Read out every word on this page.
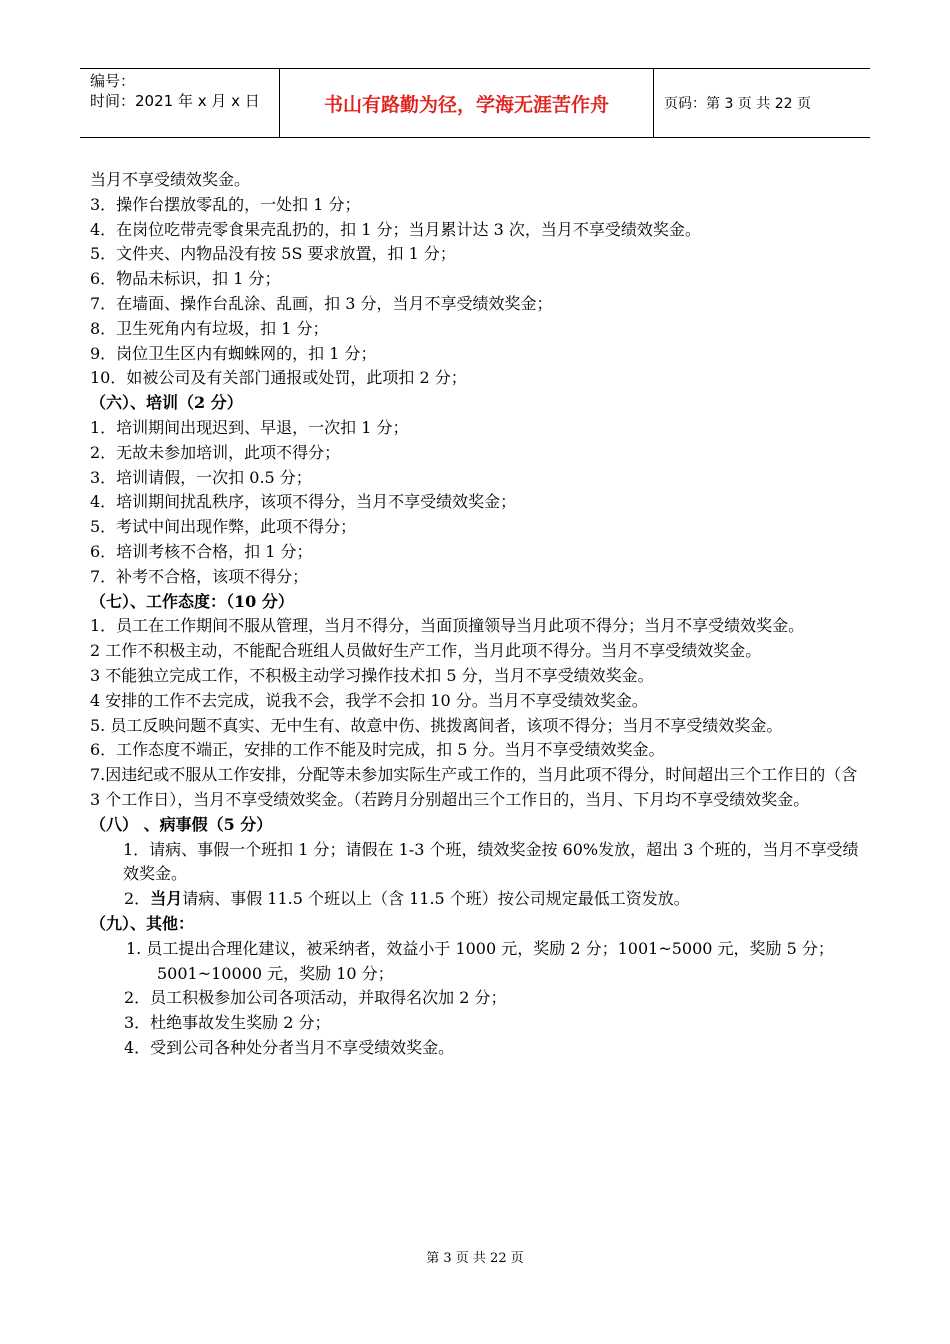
编号：
时间：2021 年 x 月 x 日	书山有路勤为径，学海无涯苦作舟	页码：第 3 页 共 22 页

当月不享受绩效奖金。

3．操作台摆放零乱的，一处扣 1 分；

4．在岗位吃带壳零食果壳乱扔的，扣 1 分；当月累计达 3 次，当月不享受绩效奖金。

5．文件夹、内物品没有按 5S 要求放置，扣 1 分；

6．物品未标识，扣 1 分；

7．在墙面、操作台乱涂、乱画，扣 3 分，当月不享受绩效奖金；

8．卫生死角内有垃圾，扣 1 分；

9．岗位卫生区内有蜘蛛网的，扣 1 分；

10．如被公司及有关部门通报或处罚，此项扣 2 分；

（六）、培训（2 分）

1．培训期间出现迟到、早退，一次扣 1 分；

2．无故未参加培训，此项不得分；

3．培训请假，一次扣 0.5 分；

4．培训期间扰乱秩序，该项不得分，当月不享受绩效奖金；

5．考试中间出现作弊，此项不得分；

6．培训考核不合格，扣 1 分；

7．补考不合格，该项不得分；

（七）、工作态度：（10 分）

1．员工在工作期间不服从管理，当月不得分，当面顶撞领导当月此项不得分；当月不享受绩效奖金。

2 工作不积极主动，不能配合班组人员做好生产工作，当月此项不得分。当月不享受绩效奖金。

3 不能独立完成工作，不积极主动学习操作技术扣 5 分，当月不享受绩效奖金。

4 安排的工作不去完成，说我不会，我学不会扣 10 分。当月不享受绩效奖金。

5. 员工反映问题不真实、无中生有、故意中伤、挑拨离间者，该项不得分；当月不享受绩效奖金。

6．工作态度不端正，安排的工作不能及时完成，扣 5 分。当月不享受绩效奖金。

7.因违纪或不服从工作安排，分配等未参加实际生产或工作的，当月此项不得分，时间超出三个工作日的（含 3 个工作日），当月不享受绩效奖金。（若跨月分别超出三个工作日的，当月、下月均不享受绩效奖金。

（八） 、病事假（5 分）

1．请病、事假一个班扣 1 分；请假在 1-3 个班，绩效奖金按 60%发放，超出 3 个班的，当月不享受绩效奖金。

2．当月请病、事假 11.5 个班以上（含 11.5 个班）按公司规定最低工资发放。

（九）、其他：

1. 员工提出合理化建议，被采纳者，效益小于 1000 元，奖励 2 分；1001~5000 元，奖励 5 分；5001~10000 元，奖励 10 分；

2．员工积极参加公司各项活动，并取得名次加 2 分；

3．杜绝事故发生奖励 2 分；

4．受到公司各种处分者当月不享受绩效奖金。

第 3 页 共 22 页
